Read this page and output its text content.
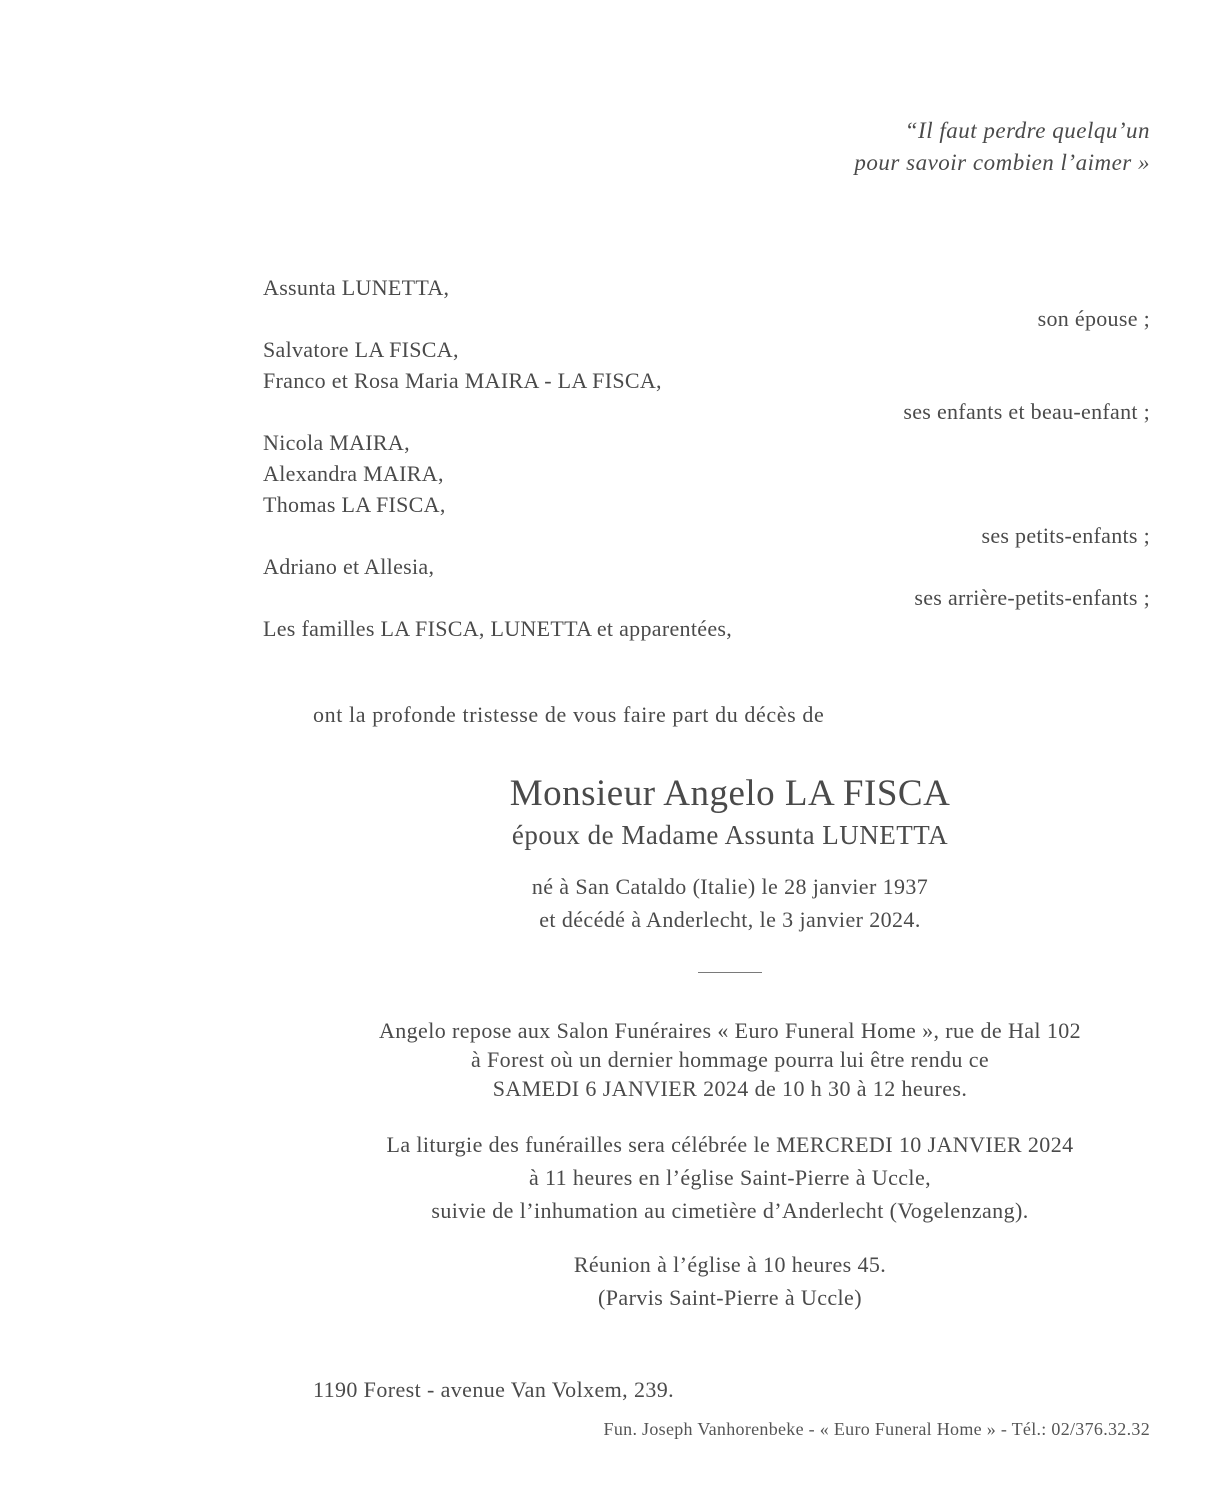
“Il faut perdre quelqu’un
pour savoir combien l’aimer »
Assunta LUNETTA,
son épouse ;
Salvatore LA FISCA,
Franco et Rosa Maria MAIRA - LA FISCA,
ses enfants et beau-enfant ;
Nicola MAIRA,
Alexandra MAIRA,
Thomas LA FISCA,
ses petits-enfants ;
Adriano et Allesia,
ses arrière-petits-enfants ;
Les familles LA FISCA, LUNETTA et apparentées,
ont la profonde tristesse de vous faire part du décès de
Monsieur Angelo LA FISCA
époux de Madame Assunta LUNETTA
né à San Cataldo (Italie) le 28 janvier 1937
et décédé à Anderlecht, le 3 janvier 2024.
Angelo repose aux Salon Funéraires « Euro Funeral Home », rue de Hal 102
à Forest où un dernier hommage pourra lui être rendu ce
SAMEDI 6 JANVIER 2024 de 10 h 30 à 12 heures.
La liturgie des funérailles sera célébrée le MERCREDI 10 JANVIER 2024
à 11 heures en l’église Saint-Pierre à Uccle,
suivie de l’inhumation au cimetière d’Anderlecht (Vogelenzang).
Réunion à l’église à 10 heures 45.
(Parvis Saint-Pierre à Uccle)
1190 Forest - avenue Van Volxem, 239.
Fun. Joseph Vanhorenbeke - « Euro Funeral Home » - Tél.: 02/376.32.32
